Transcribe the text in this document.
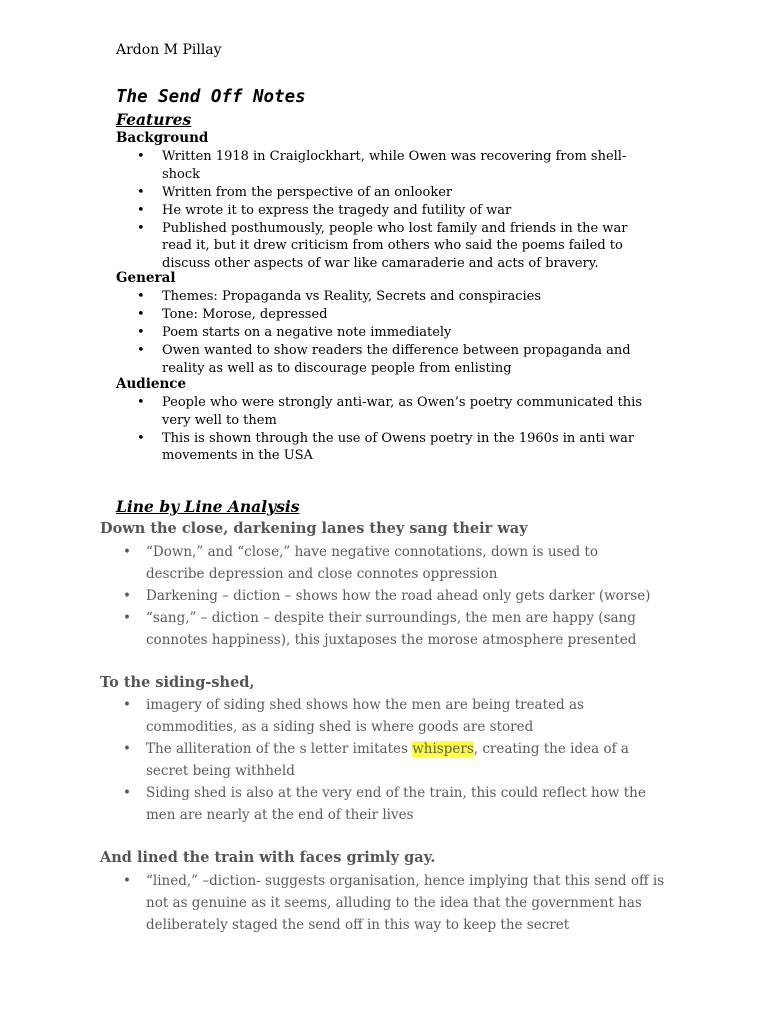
Ardon M Pillay
The Send Off Notes
Features
Background
• Written 1918 in Craiglockhart, while Owen was recovering from shell-shock
• Written from the perspective of an onlooker
• He wrote it to express the tragedy and futility of war
• Published posthumously, people who lost family and friends in the war read it, but it drew criticism from others who said the poems failed to discuss other aspects of war like camaraderie and acts of bravery.
General
• Themes: Propaganda vs Reality, Secrets and conspiracies
• Tone: Morose, depressed
• Poem starts on a negative note immediately
• Owen wanted to show readers the difference between propaganda and reality as well as to discourage people from enlisting
Audience
• People who were strongly anti-war, as Owen’s poetry communicated this very well to them
• This is shown through the use of Owens poetry in the 1960s in anti war movements in the USA
Line by Line Analysis
Down the close, darkening lanes they sang their way
• “Down,” and “close,” have negative connotations, down is used to describe depression and close connotes oppression
• Darkening – diction – shows how the road ahead only gets darker (worse)
• “sang,” – diction – despite their surroundings, the men are happy (sang connotes happiness), this juxtaposes the morose atmosphere presented
To the siding-shed,
• imagery of siding shed shows how the men are being treated as commodities, as a siding shed is where goods are stored
• The alliteration of the s letter imitates whispers, creating the idea of a secret being withheld
• Siding shed is also at the very end of the train, this could reflect how the men are nearly at the end of their lives
And lined the train with faces grimly gay.
• “lined,” –diction- suggests organisation, hence implying that this send off is not as genuine as it seems, alluding to the idea that the government has deliberately staged the send off in this way to keep the secret
